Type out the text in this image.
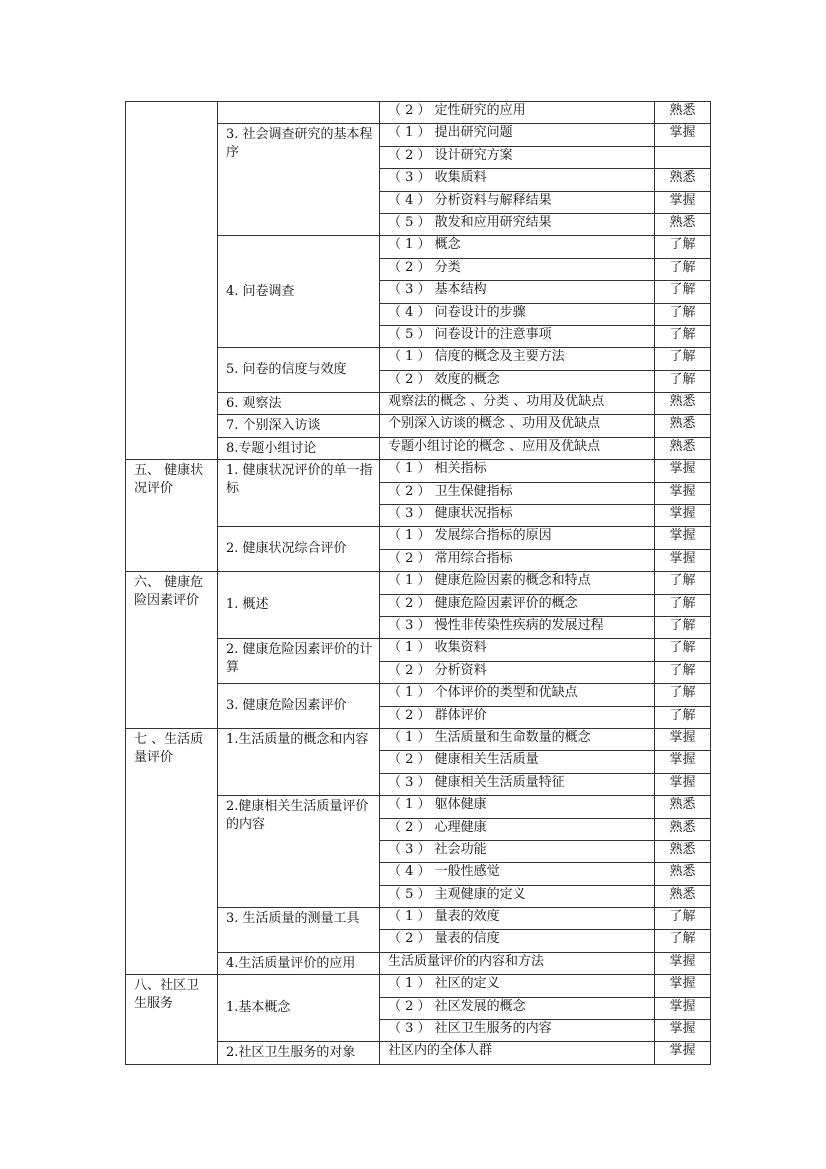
		（ 2 ） 定性研究的应用	熟悉
	3. 社会调查研究的基本程序	（ 1 ） 提出研究问题	掌握
		（ 2 ） 设计研究方案	
		（ 3 ） 收集质料	熟悉
		（ 4 ） 分析资料与解释结果	掌握
		（ 5 ） 散发和应用研究结果	熟悉
	4. 问卷调查	（ 1 ） 概念	了解
		（ 2 ） 分类	了解
		（ 3 ） 基本结构	了解
		（ 4 ） 问卷设计的步骤	了解
		（ 5 ） 问卷设计的注意事项	了解
	5. 问卷的信度与效度	（ 1 ） 信度的概念及主要方法	了解
		（ 2 ） 效度的概念	了解
	6. 观察法	观察法的概念 、分类 、功用及优缺点	熟悉
	7. 个别深入访谈	个别深入访谈的概念 、功用及优缺点	熟悉
	8.专题小组讨论	专题小组讨论的概念 、应用及优缺点	熟悉
五、 健康状况评价	1. 健康状况评价的单一指标	（ 1 ） 相关指标	掌握
		（ 2 ） 卫生保健指标	掌握
		（ 3 ） 健康状况指标	掌握
	2. 健康状况综合评价	（ 1 ） 发展综合指标的原因	掌握
		（ 2 ） 常用综合指标	掌握
六、 健康危险因素评价	1. 概述	（ 1 ） 健康危险因素的概念和特点	了解
		（ 2 ） 健康危险因素评价的概念	了解
		（ 3 ） 慢性非传染性疾病的发展过程	了解
	2. 健康危险因素评价的计算	（ 1 ） 收集资料	了解
		（ 2 ） 分析资料	了解
	3. 健康危险因素评价	（ 1 ） 个体评价的类型和优缺点	了解
		（ 2 ） 群体评价	了解
七 、生活质量评价	1.生活质量的概念和内容	（ 1 ） 生活质量和生命数量的概念	掌握
		（ 2 ） 健康相关生活质量	掌握
		（ 3 ） 健康相关生活质量特征	掌握
	2.健康相关生活质量评价的内容	（ 1 ） 躯体健康	熟悉
		（ 2 ） 心理健康	熟悉
		（ 3 ） 社会功能	熟悉
		（ 4 ） 一般性感觉	熟悉
		（ 5 ） 主观健康的定义	熟悉
	3. 生活质量的测量工具	（ 1 ） 量表的效度	了解
		（ 2 ） 量表的信度	了解
	4.生活质量评价的应用	生活质量评价的内容和方法	掌握
八、社区卫生服务	1.基本概念	（ 1 ） 社区的定义	掌握
		（ 2 ） 社区发展的概念	掌握
		（ 3 ） 社区卫生服务的内容	掌握
	2.社区卫生服务的对象	社区内的全体人群	掌握
